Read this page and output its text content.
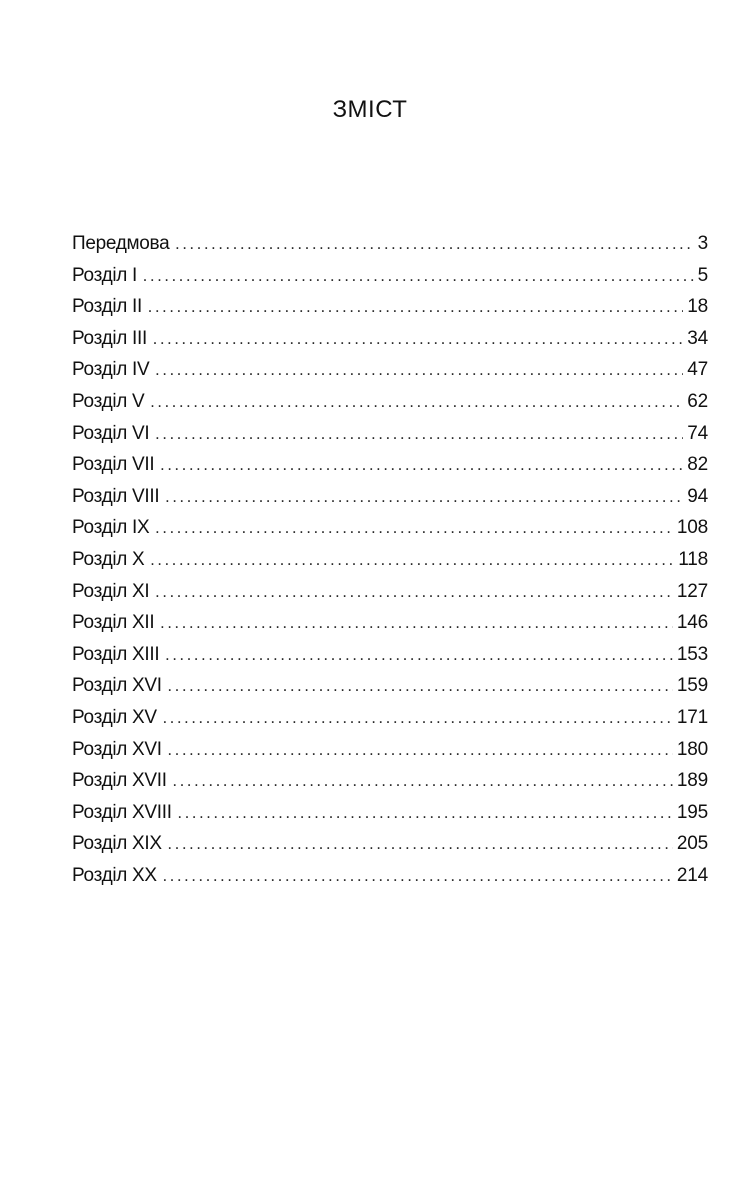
ЗМІСТ
Передмова .....	3
Розділ І .....	5
Розділ ІІ .....	18
Розділ ІІІ .....	34
Розділ IV .....	47
Розділ V .....	62
Розділ VI .....	74
Розділ VII .....	82
Розділ VIII .....	94
Розділ IX .....	108
Розділ X .....	118
Розділ XI .....	127
Розділ XII .....	146
Розділ XIII .....	153
Розділ XVI .....	159
Розділ XV .....	171
Розділ XVI .....	180
Розділ XVII .....	189
Розділ XVIII .....	195
Розділ XIX .....	205
Розділ XX .....	214
